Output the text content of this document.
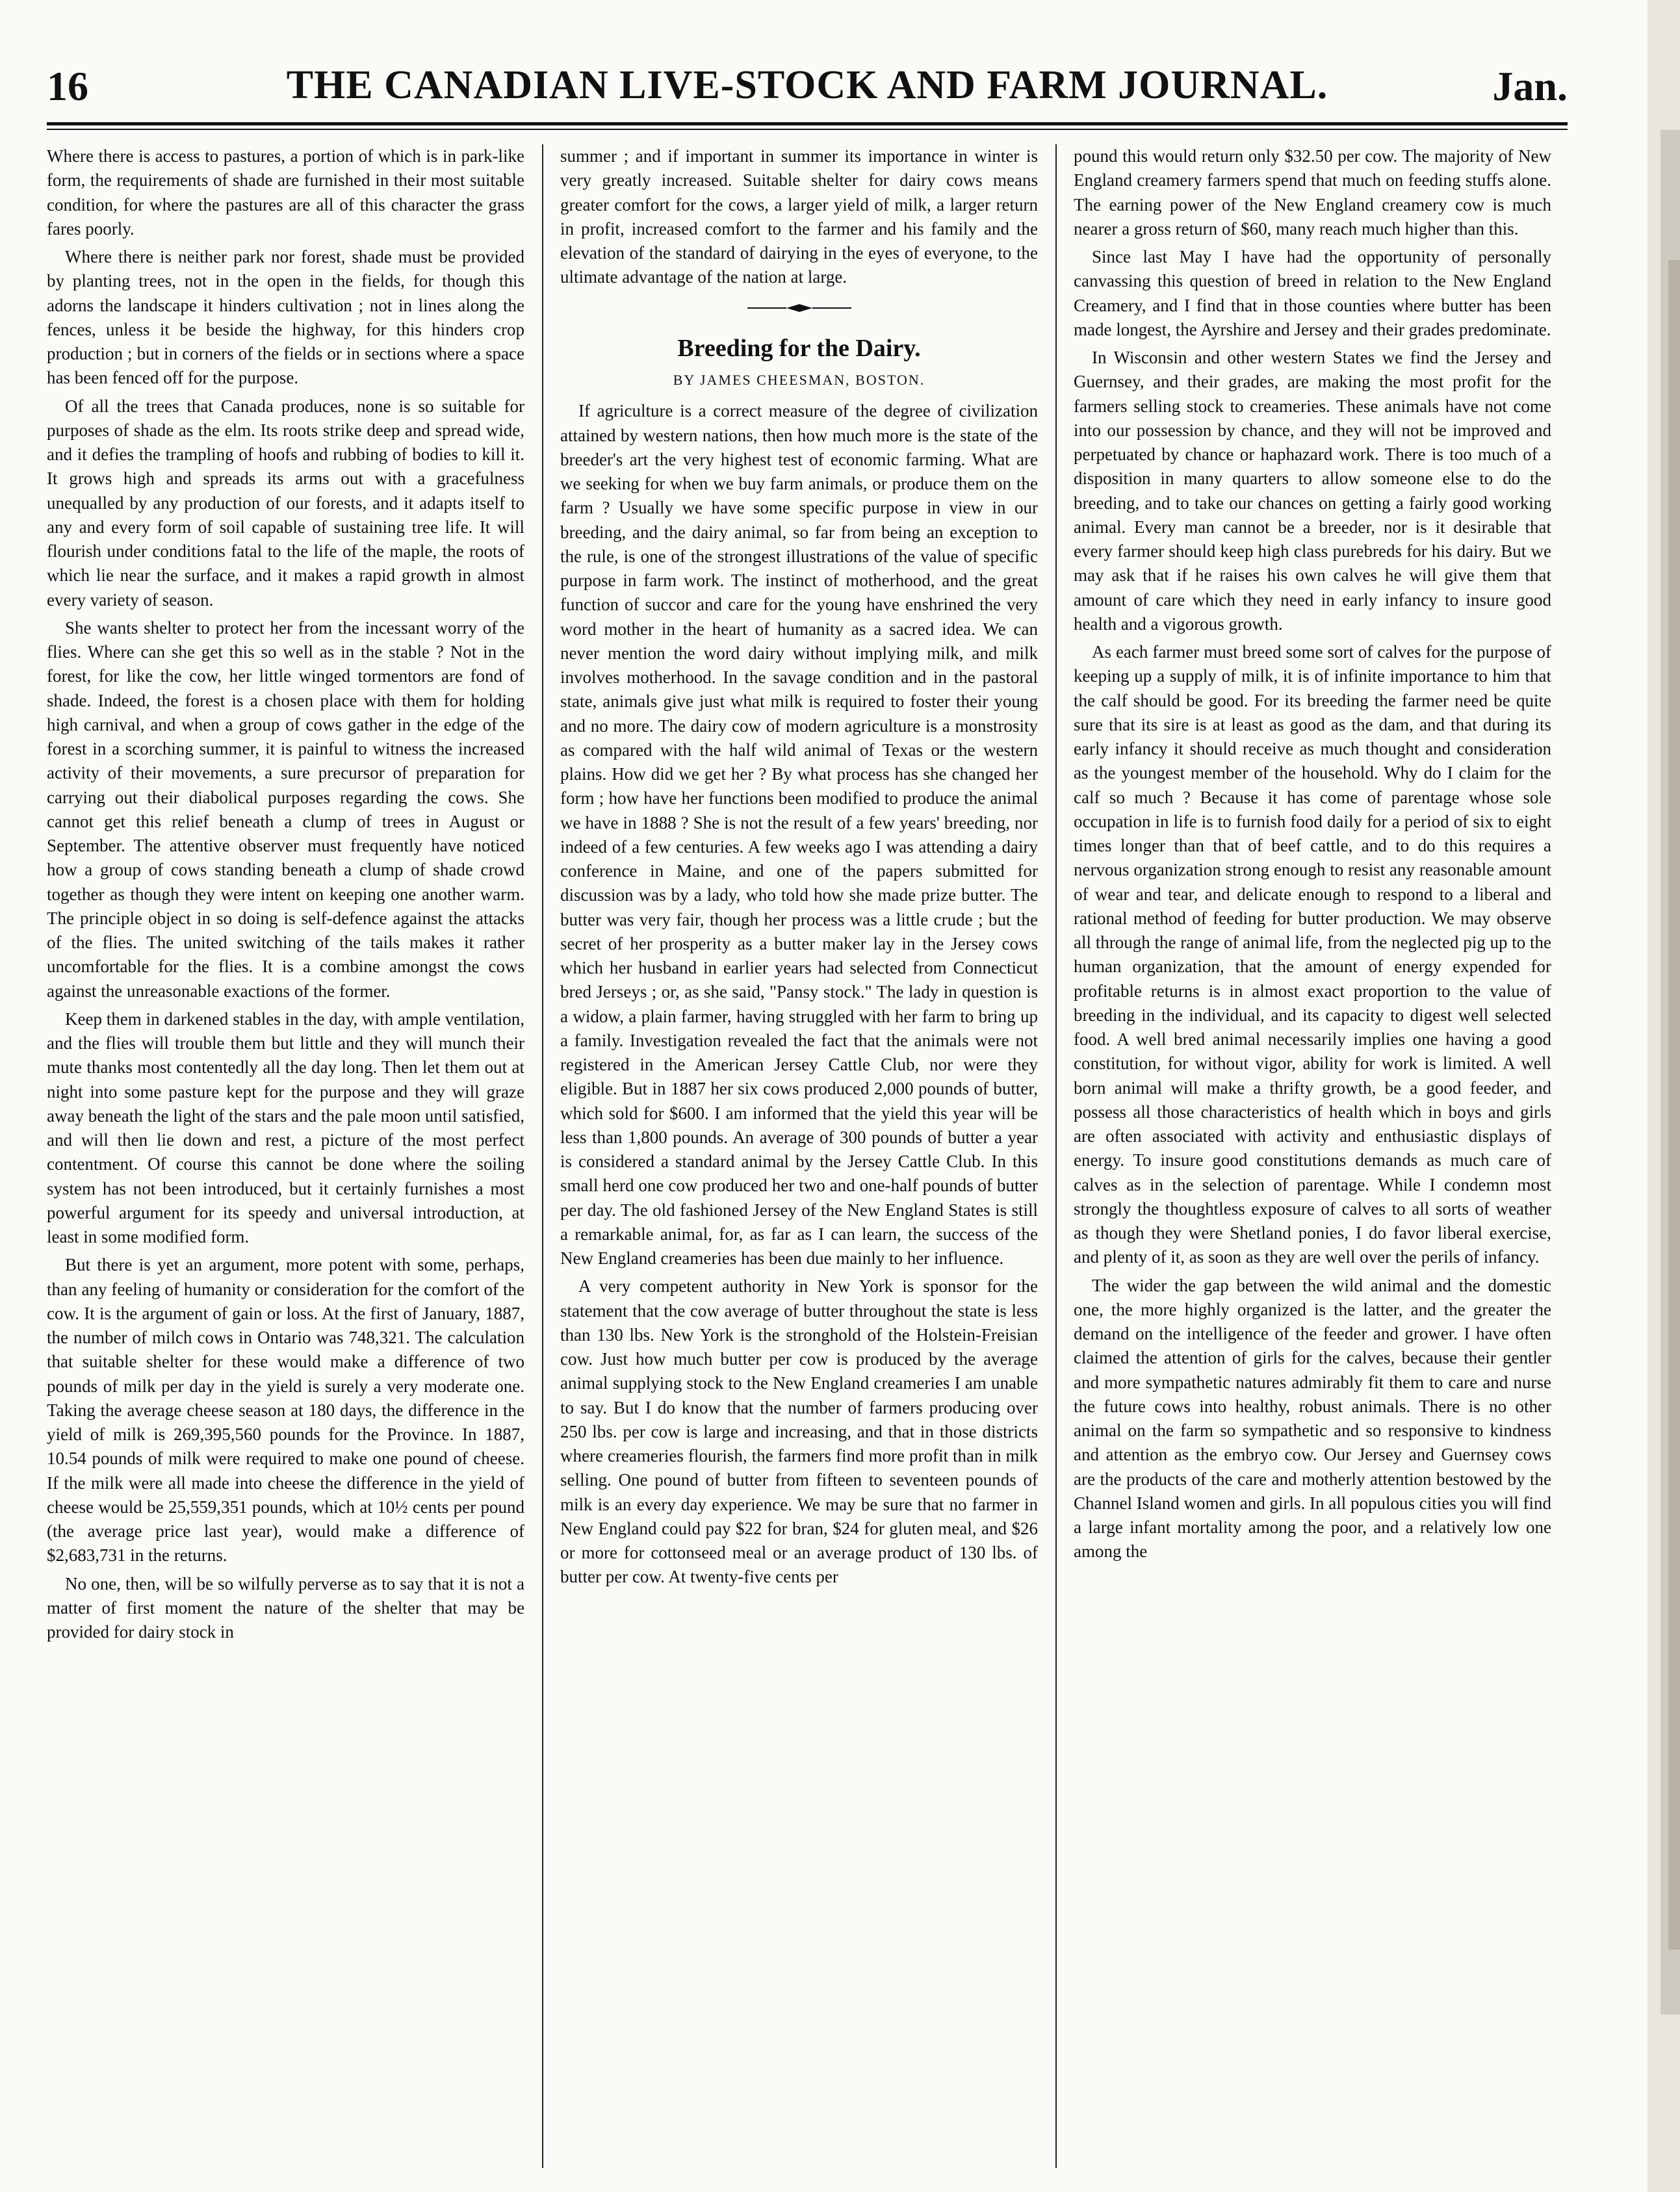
16	THE CANADIAN LIVE-STOCK AND FARM JOURNAL.	Jan.

Where there is access to pastures, a portion of which is in park-like form, the requirements of shade are furnished in their most suitable condition, for where the pastures are all of this character the grass fares poorly.

Where there is neither park nor forest, shade must be provided by planting trees, not in the open in the fields, for though this adorns the landscape it hinders cultivation ; not in lines along the fences, unless it be beside the highway, for this hinders crop production ; but in corners of the fields or in sections where a space has been fenced off for the purpose.

Of all the trees that Canada produces, none is so suitable for purposes of shade as the elm. Its roots strike deep and spread wide, and it defies the trampling of hoofs and rubbing of bodies to kill it. It grows high and spreads its arms out with a gracefulness unequalled by any production of our forests, and it adapts itself to any and every form of soil capable of sustaining tree life. It will flourish under conditions fatal to the life of the maple, the roots of which lie near the surface, and it makes a rapid growth in almost every variety of season.

She wants shelter to protect her from the incessant worry of the flies. Where can she get this so well as in the stable ? Not in the forest, for like the cow, her little winged tormentors are fond of shade. Indeed, the forest is a chosen place with them for holding high carnival, and when a group of cows gather in the edge of the forest in a scorching summer, it is painful to witness the increased activity of their movements, a sure precursor of preparation for carrying out their diabolical purposes regarding the cows. She cannot get this relief beneath a clump of trees in August or September. The attentive observer must frequently have noticed how a group of cows standing beneath a clump of shade crowd together as though they were intent on keeping one another warm. The principle object in so doing is self-defence against the attacks of the flies. The united switching of the tails makes it rather uncomfortable for the flies. It is a combine amongst the cows against the unreasonable exactions of the former.

Keep them in darkened stables in the day, with ample ventilation, and the flies will trouble them but little and they will munch their mute thanks most contentedly all the day long. Then let them out at night into some pasture kept for the purpose and they will graze away beneath the light of the stars and the pale moon until satisfied, and will then lie down and rest, a picture of the most perfect contentment. Of course this cannot be done where the soiling system has not been introduced, but it certainly furnishes a most powerful argument for its speedy and universal introduction, at least in some modified form.

But there is yet an argument, more potent with some, perhaps, than any feeling of humanity or consideration for the comfort of the cow. It is the argument of gain or loss. At the first of January, 1887, the number of milch cows in Ontario was 748,321. The calculation that suitable shelter for these would make a difference of two pounds of milk per day in the yield is surely a very moderate one. Taking the average cheese season at 180 days, the difference in the yield of milk is 269,395,560 pounds for the Province. In 1887, 10.54 pounds of milk were required to make one pound of cheese. If the milk were all made into cheese the difference in the yield of cheese would be 25,559,351 pounds, which at 10½ cents per pound (the average price last year), would make a difference of $2,683,731 in the returns.

No one, then, will be so wilfully perverse as to say that it is not a matter of first moment the nature of the shelter that may be provided for dairy stock in

summer ; and if important in summer its importance in winter is very greatly increased. Suitable shelter for dairy cows means greater comfort for the cows, a larger yield of milk, a larger return in profit, increased comfort to the farmer and his family and the elevation of the standard of dairying in the eyes of everyone, to the ultimate advantage of the nation at large.

Breeding for the Dairy.
BY JAMES CHEESMAN, BOSTON.

If agriculture is a correct measure of the degree of civilization attained by western nations, then how much more is the state of the breeder's art the very highest test of economic farming. What are we seeking for when we buy farm animals, or produce them on the farm ? Usually we have some specific purpose in view in our breeding, and the dairy animal, so far from being an exception to the rule, is one of the strongest illustrations of the value of specific purpose in farm work. The instinct of motherhood, and the great function of succor and care for the young have enshrined the very word mother in the heart of humanity as a sacred idea. We can never mention the word dairy without implying milk, and milk involves motherhood. In the savage condition and in the pastoral state, animals give just what milk is required to foster their young and no more. The dairy cow of modern agriculture is a monstrosity as compared with the half wild animal of Texas or the western plains. How did we get her ? By what process has she changed her form ; how have her functions been modified to produce the animal we have in 1888 ? She is not the result of a few years' breeding, nor indeed of a few centuries. A few weeks ago I was attending a dairy conference in Maine, and one of the papers submitted for discussion was by a lady, who told how she made prize butter. The butter was very fair, though her process was a little crude ; but the secret of her prosperity as a butter maker lay in the Jersey cows which her husband in earlier years had selected from Connecticut bred Jerseys ; or, as she said, "Pansy stock." The lady in question is a widow, a plain farmer, having struggled with her farm to bring up a family. Investigation revealed the fact that the animals were not registered in the American Jersey Cattle Club, nor were they eligible. But in 1887 her six cows produced 2,000 pounds of butter, which sold for $600. I am informed that the yield this year will be less than 1,800 pounds. An average of 300 pounds of butter a year is considered a standard animal by the Jersey Cattle Club. In this small herd one cow produced her two and one-half pounds of butter per day. The old fashioned Jersey of the New England States is still a remarkable animal, for, as far as I can learn, the success of the New England creameries has been due mainly to her influence.

A very competent authority in New York is sponsor for the statement that the cow average of butter throughout the state is less than 130 lbs. New York is the stronghold of the Holstein-Freisian cow. Just how much butter per cow is produced by the average animal supplying stock to the New England creameries I am unable to say. But I do know that the number of farmers producing over 250 lbs. per cow is large and increasing, and that in those districts where creameries flourish, the farmers find more profit than in milk selling. One pound of butter from fifteen to seventeen pounds of milk is an every day experience. We may be sure that no farmer in New England could pay $22 for bran, $24 for gluten meal, and $26 or more for cottonseed meal or an average product of 130 lbs. of butter per cow. At twenty-five cents per

pound this would return only $32.50 per cow. The majority of New England creamery farmers spend that much on feeding stuffs alone. The earning power of the New England creamery cow is much nearer a gross return of $60, many reach much higher than this.

Since last May I have had the opportunity of personally canvassing this question of breed in relation to the New England Creamery, and I find that in those counties where butter has been made longest, the Ayrshire and Jersey and their grades predominate.

In Wisconsin and other western States we find the Jersey and Guernsey, and their grades, are making the most profit for the farmers selling stock to creameries. These animals have not come into our possession by chance, and they will not be improved and perpetuated by chance or haphazard work. There is too much of a disposition in many quarters to allow someone else to do the breeding, and to take our chances on getting a fairly good working animal. Every man cannot be a breeder, nor is it desirable that every farmer should keep high class purebreds for his dairy. But we may ask that if he raises his own calves he will give them that amount of care which they need in early infancy to insure good health and a vigorous growth.

As each farmer must breed some sort of calves for the purpose of keeping up a supply of milk, it is of infinite importance to him that the calf should be good. For its breeding the farmer need be quite sure that its sire is at least as good as the dam, and that during its early infancy it should receive as much thought and consideration as the youngest member of the household. Why do I claim for the calf so much ? Because it has come of parentage whose sole occupation in life is to furnish food daily for a period of six to eight times longer than that of beef cattle, and to do this requires a nervous organization strong enough to resist any reasonable amount of wear and tear, and delicate enough to respond to a liberal and rational method of feeding for butter production. We may observe all through the range of animal life, from the neglected pig up to the human organization, that the amount of energy expended for profitable returns is in almost exact proportion to the value of breeding in the individual, and its capacity to digest well selected food. A well bred animal necessarily implies one having a good constitution, for without vigor, ability for work is limited. A well born animal will make a thrifty growth, be a good feeder, and possess all those characteristics of health which in boys and girls are often associated with activity and enthusiastic displays of energy. To insure good constitutions demands as much care of calves as in the selection of parentage. While I condemn most strongly the thoughtless exposure of calves to all sorts of weather as though they were Shetland ponies, I do favor liberal exercise, and plenty of it, as soon as they are well over the perils of infancy.

The wider the gap between the wild animal and the domestic one, the more highly organized is the latter, and the greater the demand on the intelligence of the feeder and grower. I have often claimed the attention of girls for the calves, because their gentler and more sympathetic natures admirably fit them to care and nurse the future cows into healthy, robust animals. There is no other animal on the farm so sympathetic and so responsive to kindness and attention as the embryo cow. Our Jersey and Guernsey cows are the products of the care and motherly attention bestowed by the Channel Island women and girls. In all populous cities you will find a large infant mortality among the poor, and a relatively low one among the
